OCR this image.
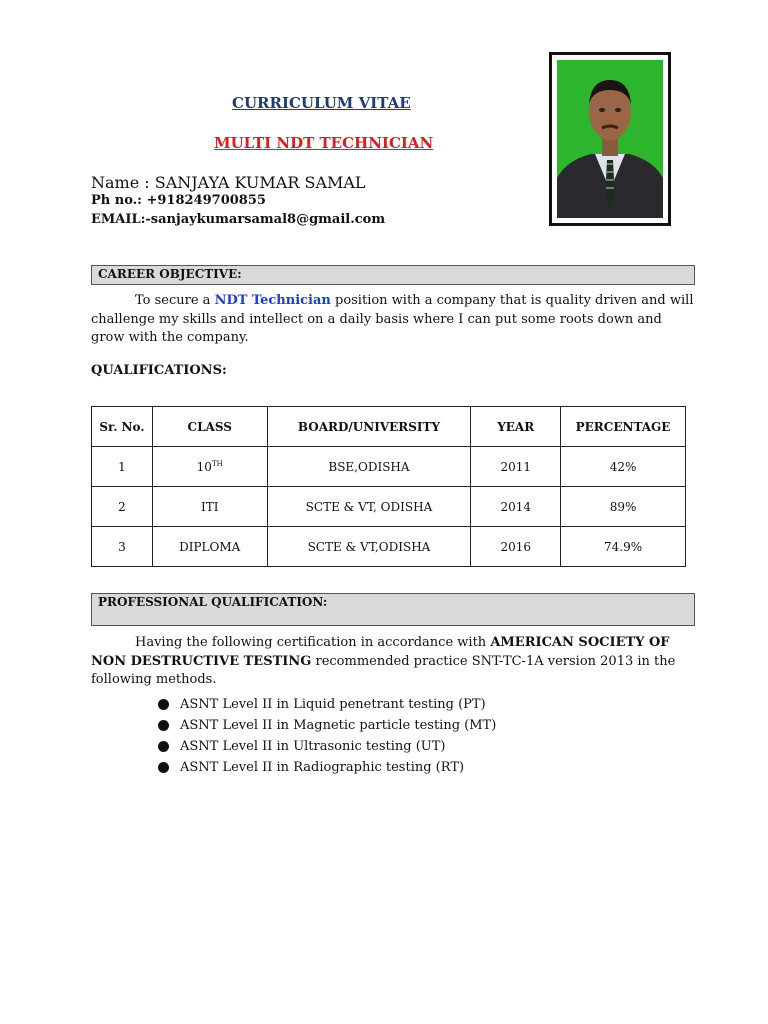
CURRICULUM VITAE
MULTI NDT TECHNICIAN
Name : SANJAYA KUMAR SAMAL
Ph no.: +918249700855
EMAIL:-sanjaykumarsamal8@gmail.com
CAREER OBJECTIVE:
To secure a NDT Technician position with a company that is quality driven and will challenge my skills and intellect on a daily basis where I can put some roots down and grow with the company.
QUALIFICATIONS:
Sr. No.	CLASS	BOARD/UNIVERSITY	YEAR	PERCENTAGE
1	10TH	BSE,ODISHA	2011	42%
2	ITI	SCTE & VT, ODISHA	2014	89%
3	DIPLOMA	SCTE & VT,ODISHA	2016	74.9%
PROFESSIONAL QUALIFICATION:
Having the following certification in accordance with AMERICAN SOCIETY OF NON DESTRUCTIVE TESTING recommended practice SNT-TC-1A version 2013 in the following methods.
ASNT Level II in Liquid penetrant testing (PT)
ASNT Level II in Magnetic particle testing (MT)
ASNT Level II in Ultrasonic testing (UT)
ASNT Level II in Radiographic testing (RT)
